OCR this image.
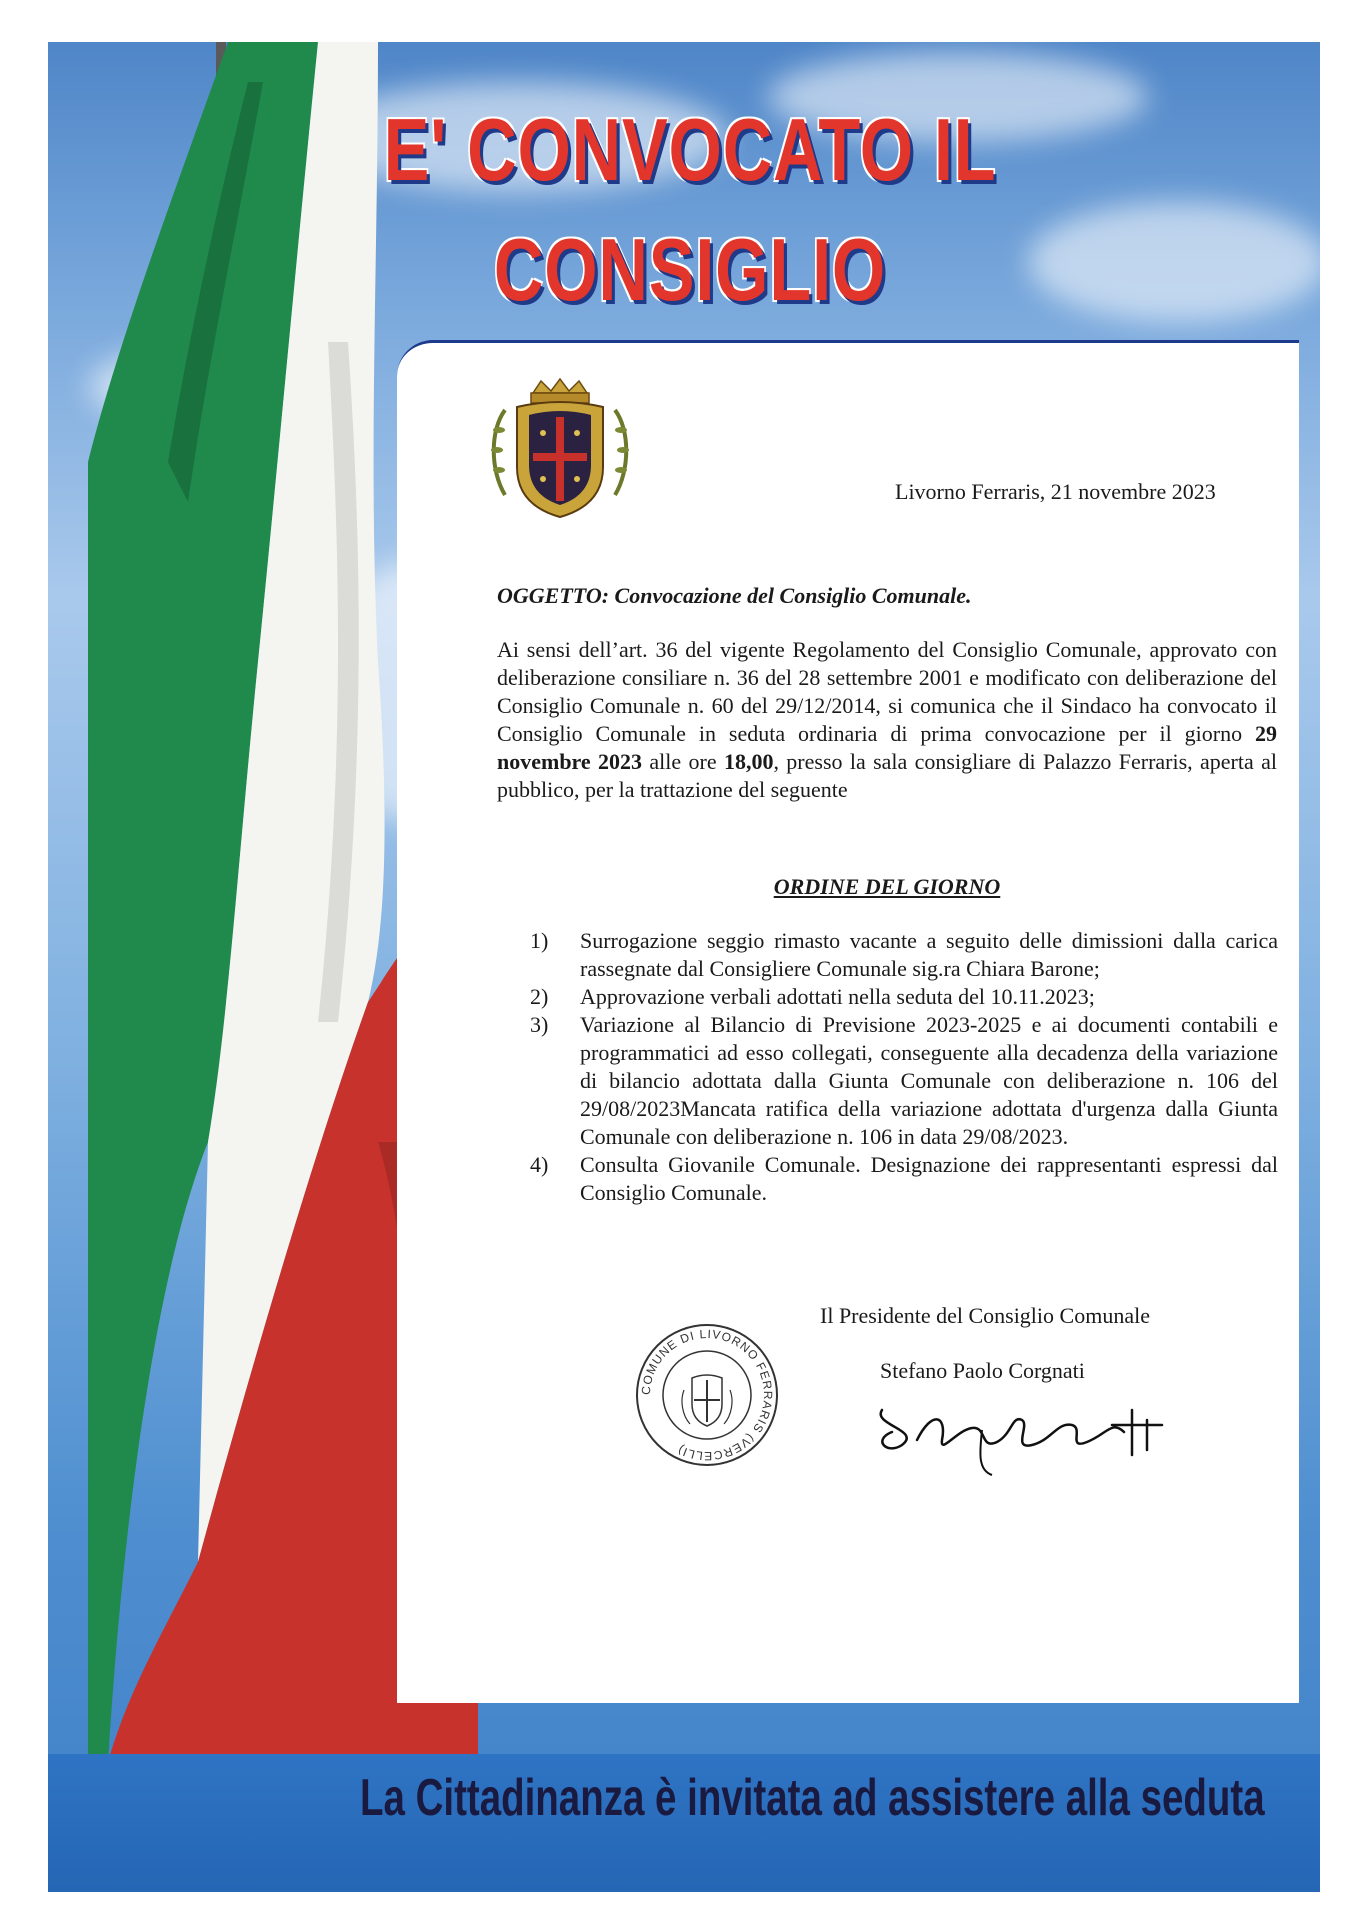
E' CONVOCATO IL
CONSIGLIO
Livorno Ferraris, 21 novembre 2023
OGGETTO: Convocazione del Consiglio Comunale.

Ai sensi dell’art. 36 del vigente Regolamento del Consiglio Comunale, approvato con deliberazione consiliare n. 36 del 28 settembre 2001 e modificato con deliberazione del Consiglio Comunale n. 60 del 29/12/2014, si comunica che il Sindaco ha convocato il Consiglio Comunale in seduta ordinaria di prima convocazione per il giorno 29 novembre 2023 alle ore 18,00, presso la sala consigliare di Palazzo Ferraris, aperta al pubblico, per la trattazione del seguente

ORDINE DEL GIORNO
1)	Surrogazione seggio rimasto vacante a seguito delle dimissioni dalla carica rassegnate dal Consigliere Comunale sig.ra Chiara Barone;
2)	Approvazione verbali adottati nella seduta del 10.11.2023;
3)	Variazione al Bilancio di Previsione 2023-2025 e ai documenti contabili e programmatici ad esso collegati, conseguente alla decadenza della variazione di bilancio adottata dalla Giunta Comunale con deliberazione n. 106 del 29/08/2023Mancata ratifica della variazione adottata d'urgenza dalla Giunta Comunale con deliberazione n. 106 in data 29/08/2023.
4)	Consulta Giovanile Comunale. Designazione dei rappresentanti espressi dal Consiglio Comunale.
Il Presidente del Consiglio Comunale
COMUNE DI LIVORNO FERRARIS (VERCELLI)
Stefano Paolo Corgnati
La Cittadinanza è invitata ad assistere alla seduta
